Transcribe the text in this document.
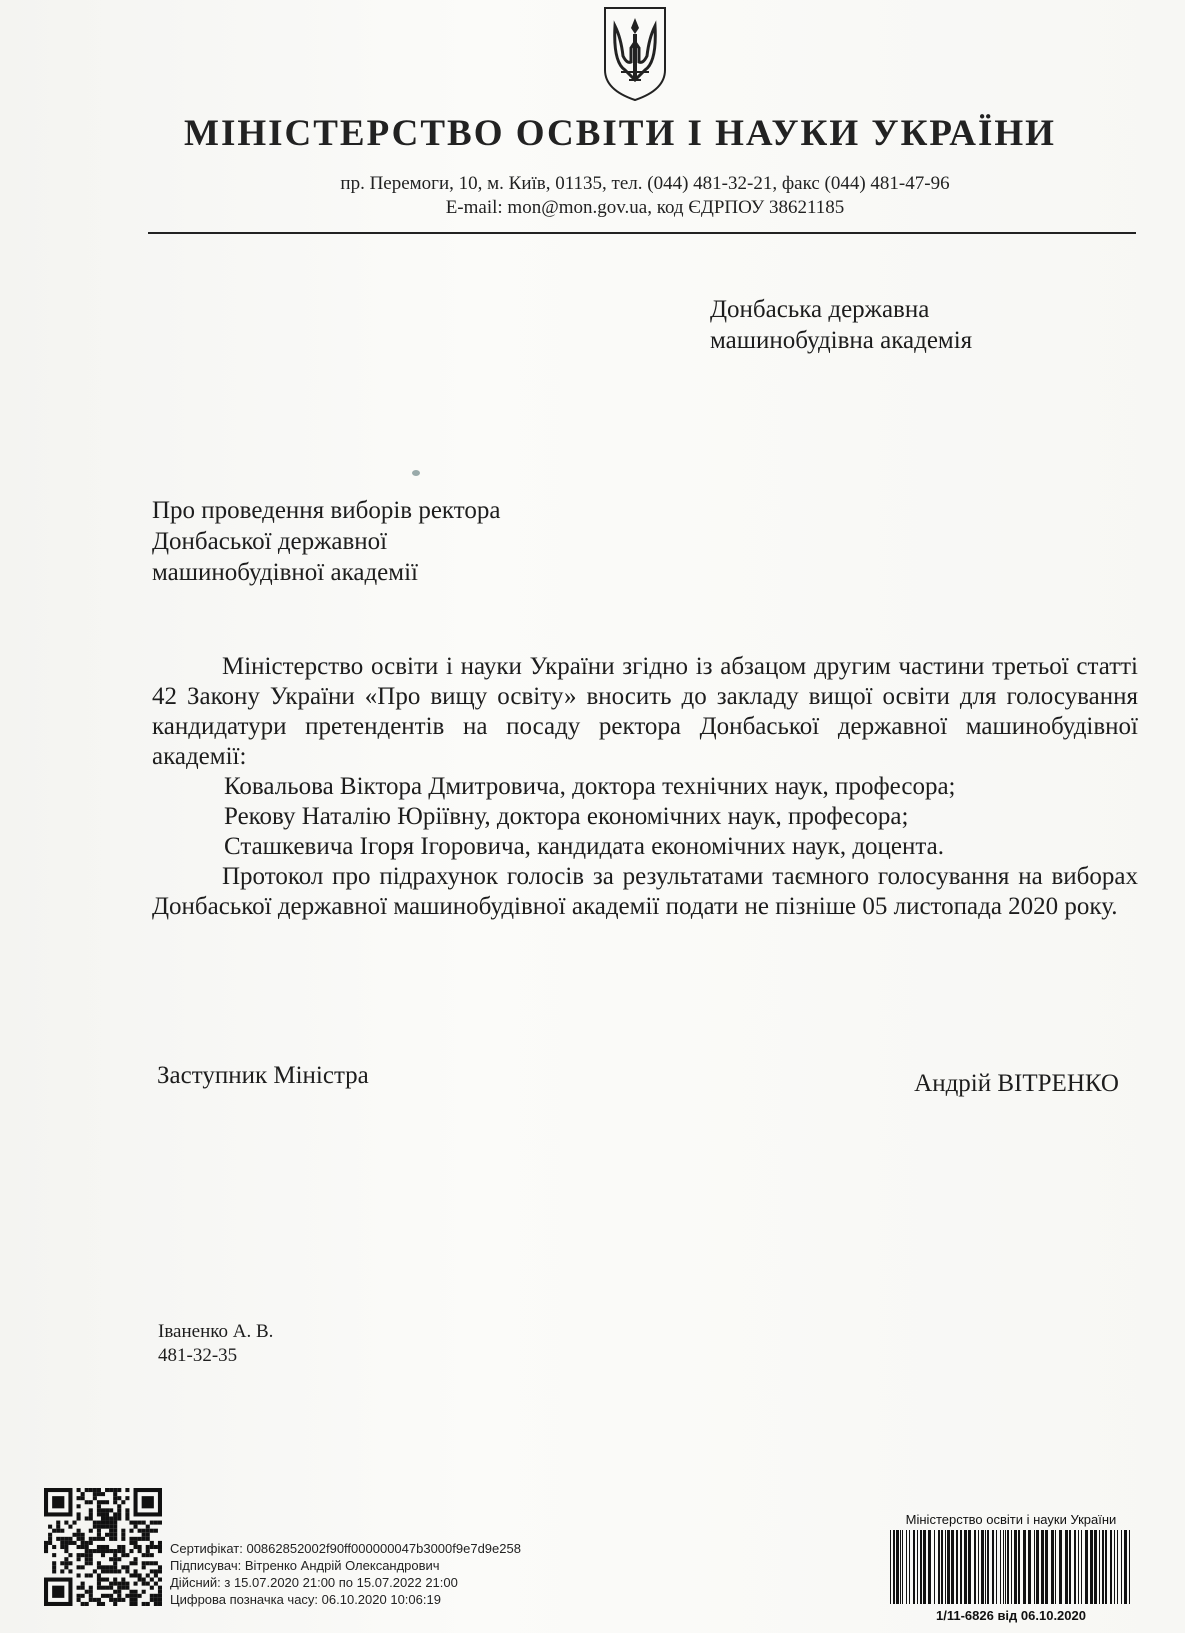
МІНІСТЕРСТВО ОСВІТИ І НАУКИ УКРАЇНИ
пр. Перемоги, 10, м. Київ, 01135, тел. (044) 481-32-21, факс (044) 481-47-96
E-mail: mon@mon.gov.ua, код ЄДРПОУ 38621185
Донбаська державна
машинобудівна академія
Про проведення виборів ректора
Донбаської державної
машинобудівної академії

Міністерство освіти і науки України згідно із абзацом другим частини третьої статті 42 Закону України «Про вищу освіту» вносить до закладу вищої освіти для голосування кандидатури претендентів на посаду ректора Донбаської державної машинобудівної академії:

Ковальова Віктора Дмитровича, доктора технічних наук, професора;

Рекову Наталію Юріївну, доктора економічних наук, професора;

Сташкевича Ігоря Ігоровича, кандидата економічних наук, доцента.

Протокол про підрахунок голосів за результатами таємного голосування на виборах Донбаської державної машинобудівної академії подати не пізніше 05 листопада 2020 року.

Заступник Міністра	Андрій ВІТРЕНКО
Іваненко А. В.
481-32-35
Сертифікат: 00862852002f90ff000000047b3000f9e7d9e258
Підписувач: Вітренко Андрій Олександрович
Дійсний: з 15.07.2020 21:00 по 15.07.2022 21:00
Цифрова позначка часу: 06.10.2020 10:06:19
Міністерство освіти і науки України
1/11-6826 від 06.10.2020
